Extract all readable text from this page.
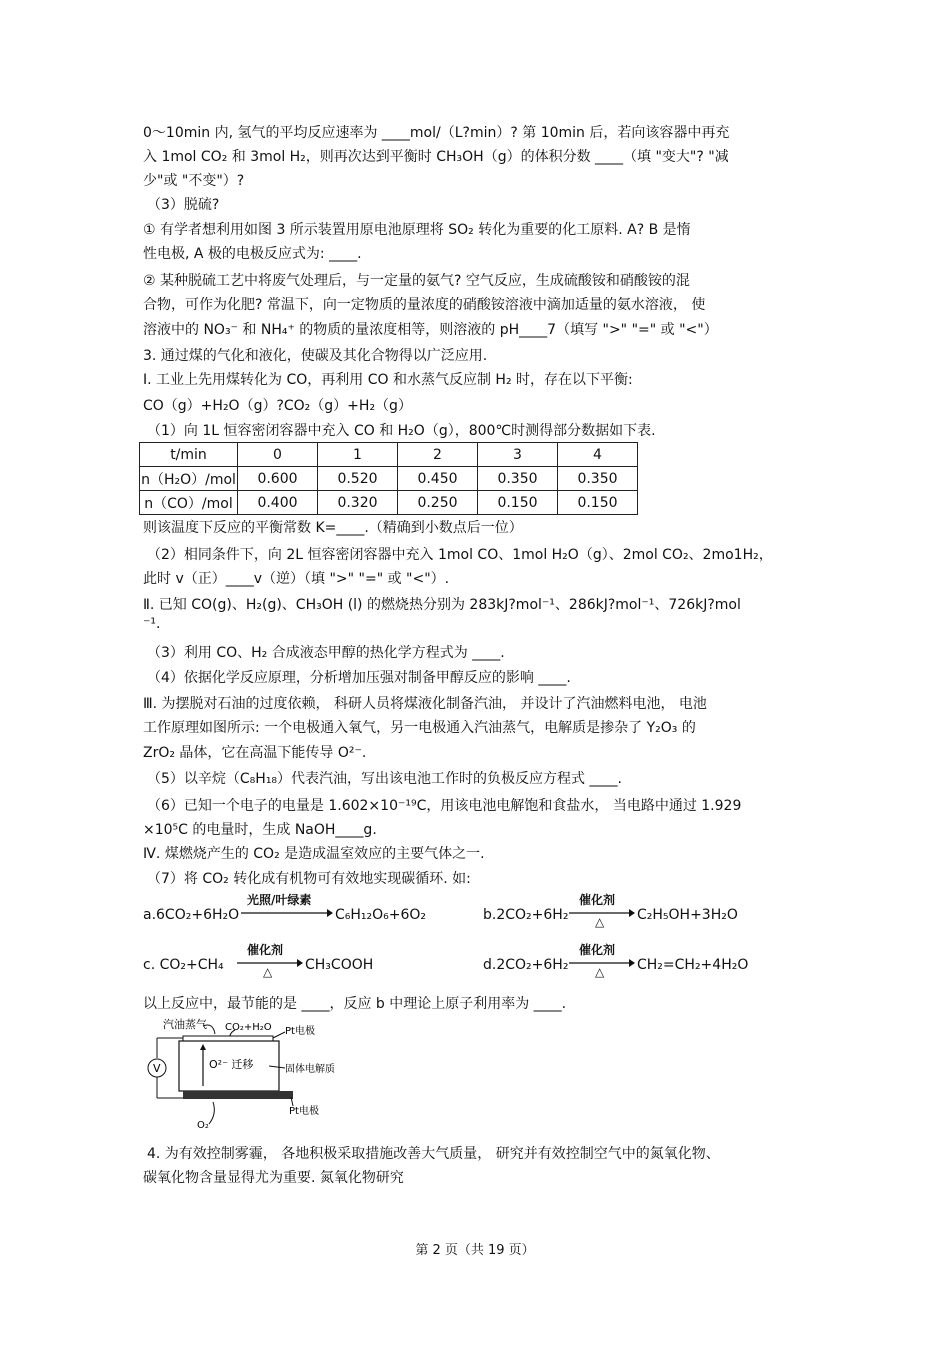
0～10min 内, 氢气的平均反应速率为 ____mol/（L?min）? 第 10min 后，若向该容器中再充
入 1mol CO₂ 和 3mol H₂，则再次达到平衡时 CH₃OH（g）的体积分数 ____（填 "变大"? "减
少"或 "不变"）?
（3）脱硫?
① 有学者想利用如图 3 所示装置用原电池原理将 SO₂ 转化为重要的化工原料. A? B 是惰
性电极, A 极的电极反应式为: ____.
② 某种脱硫工艺中将废气处理后，与一定量的氨气? 空气反应，生成硫酸铵和硝酸铵的混
合物，可作为化肥? 常温下，向一定物质的量浓度的硝酸铵溶液中滴加适量的氨水溶液， 使
溶液中的 NO₃⁻ 和 NH₄⁺ 的物质的量浓度相等，则溶液的 pH____7（填写 ">" "=" 或 "<"）
3. 通过煤的气化和液化，使碳及其化合物得以广泛应用.
Ⅰ. 工业上先用煤转化为 CO，再利用 CO 和水蒸气反应制 H₂ 时，存在以下平衡:
CO（g）+H₂O（g）?CO₂（g）+H₂（g）
（1）向 1L 恒容密闭容器中充入 CO 和 H₂O（g），800℃时测得部分数据如下表.
t/min	0	1	2	3	4
n（H₂O）/mol	0.600	0.520	0.450	0.350	0.350
n（CO）/mol	0.400	0.320	0.250	0.150	0.150
则该温度下反应的平衡常数 K=____.（精确到小数点后一位）
（2）相同条件下，向 2L 恒容密闭容器中充入 1mol CO、1mol H₂O（g）、2mol CO₂、2mo1H₂，
此时 v（正）____v（逆）（填 ">" "=" 或 "<"）.
Ⅱ. 已知 CO(g)、H₂(g)、CH₃OH (l) 的燃烧热分别为 283kJ?mol⁻¹、286kJ?mol⁻¹、726kJ?mol
⁻¹.
（3）利用 CO、H₂ 合成液态甲醇的热化学方程式为 ____.
（4）依据化学反应原理，分析增加压强对制备甲醇反应的影响 ____.
Ⅲ. 为摆脱对石油的过度依赖， 科研人员将煤液化制备汽油， 并设计了汽油燃料电池， 电池
工作原理如图所示: 一个电极通入氧气，另一电极通入汽油蒸气，电解质是掺杂了 Y₂O₃ 的
ZrO₂ 晶体，它在高温下能传导 O²⁻.
（5）以辛烷（C₈H₁₈）代表汽油，写出该电池工作时的负极反应方程式 ____.
（6）已知一个电子的电量是 1.602×10⁻¹⁹C，用该电池电解饱和食盐水， 当电路中通过 1.929
×10⁵C 的电量时，生成 NaOH____g.
Ⅳ. 煤燃烧产生的 CO₂ 是造成温室效应的主要气体之一.
（7）将 CO₂ 转化成有机物可有效地实现碳循环. 如:
a.6CO₂+6H₂O
光照/叶绿素
C₆H₁₂O₆+6O₂	b.2CO₂+6H₂
催化剂
△ C₂H₅OH+3H₂O
c. CO₂+CH₄
催化剂
△ CH₃COOH	d.2CO₂+6H₂
催化剂
△ CH₂=CH₂+4H₂O
以上反应中，最节能的是 ____，反应 b 中理论上原子利用率为 ____.
汽油蒸气 CO₂+H₂O
O²⁻ 迁移
Pt电极
固体电解质
Pt电极
V
O₂
4. 为有效控制雾霾， 各地积极采取措施改善大气质量， 研究并有效控制空气中的氮氧化物、
碳氧化物含量显得尤为重要. 氮氧化物研究
第 2 页（共 19 页）
